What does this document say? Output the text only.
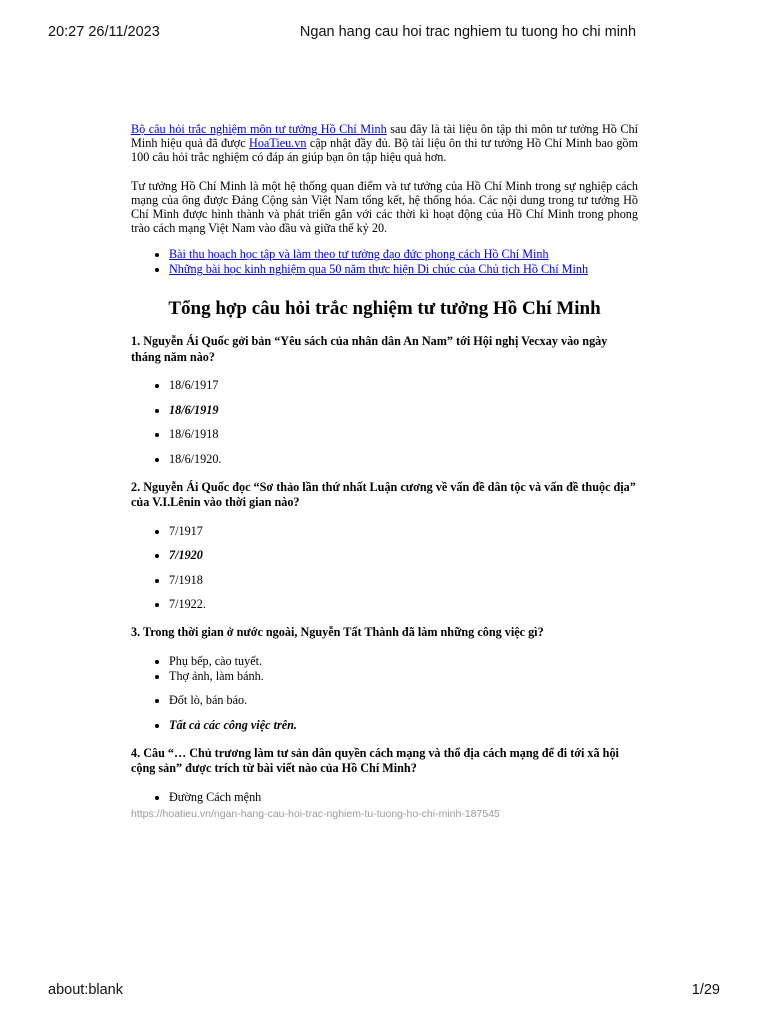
20:27 26/11/2023	Ngan hang cau hoi trac nghiem tu tuong ho chi minh

Bộ câu hỏi trắc nghiệm môn tư tưởng Hồ Chí Minh sau đây là tài liệu ôn tập thi môn tư tưởng Hồ Chí Minh hiệu quả đã được HoaTieu.vn cập nhật đầy đủ. Bộ tài liệu ôn thi tư tưởng Hồ Chí Minh bao gồm 100 câu hỏi trắc nghiệm có đáp án giúp bạn ôn tập hiệu quả hơn.

Tư tưởng Hồ Chí Minh là một hệ thống quan điểm và tư tưởng của Hồ Chí Minh trong sự nghiệp cách mạng của ông được Đảng Cộng sản Việt Nam tổng kết, hệ thống hóa. Các nội dung trong tư tưởng Hồ Chí Minh được hình thành và phát triển gắn với các thời kì hoạt động của Hồ Chí Minh trong phong trào cách mạng Việt Nam vào đầu và giữa thế kỷ 20.

• Bài thu hoạch học tập và làm theo tư tưởng đạo đức phong cách Hồ Chí Minh
• Những bài học kinh nghiệm qua 50 năm thực hiện Di chúc của Chủ tịch Hồ Chí Minh
Tổng hợp câu hỏi trắc nghiệm tư tưởng Hồ Chí Minh

1. Nguyễn Ái Quốc gởi bản “Yêu sách của nhân dân An Nam” tới Hội nghị Vecxay vào ngày tháng năm nào?

• 18/6/1917
• 18/6/1919
• 18/6/1918
• 18/6/1920.

2. Nguyễn Ái Quốc đọc “Sơ thảo lần thứ nhất Luận cương về vấn đề dân tộc và vấn đề thuộc địa” của V.I.Lênin vào thời gian nào?

• 7/1917
• 7/1920
• 7/1918
• 7/1922.

3. Trong thời gian ở nước ngoài, Nguyễn Tất Thành đã làm những công việc gì?

• Phụ bếp, cào tuyết.
• Thợ ảnh, làm bánh.
• Đốt lò, bán báo.
• Tất cả các công việc trên.

4. Câu “… Chủ trương làm tư sản dân quyền cách mạng và thổ địa cách mạng để đi tới xã hội cộng sản” được trích từ bài viết nào của Hồ Chí Minh?

• Đường Cách mệnh
https://hoatieu.vn/ngan-hang-cau-hoi-trac-nghiem-tu-tuong-ho-chi-minh-187545
about:blank	1/29
